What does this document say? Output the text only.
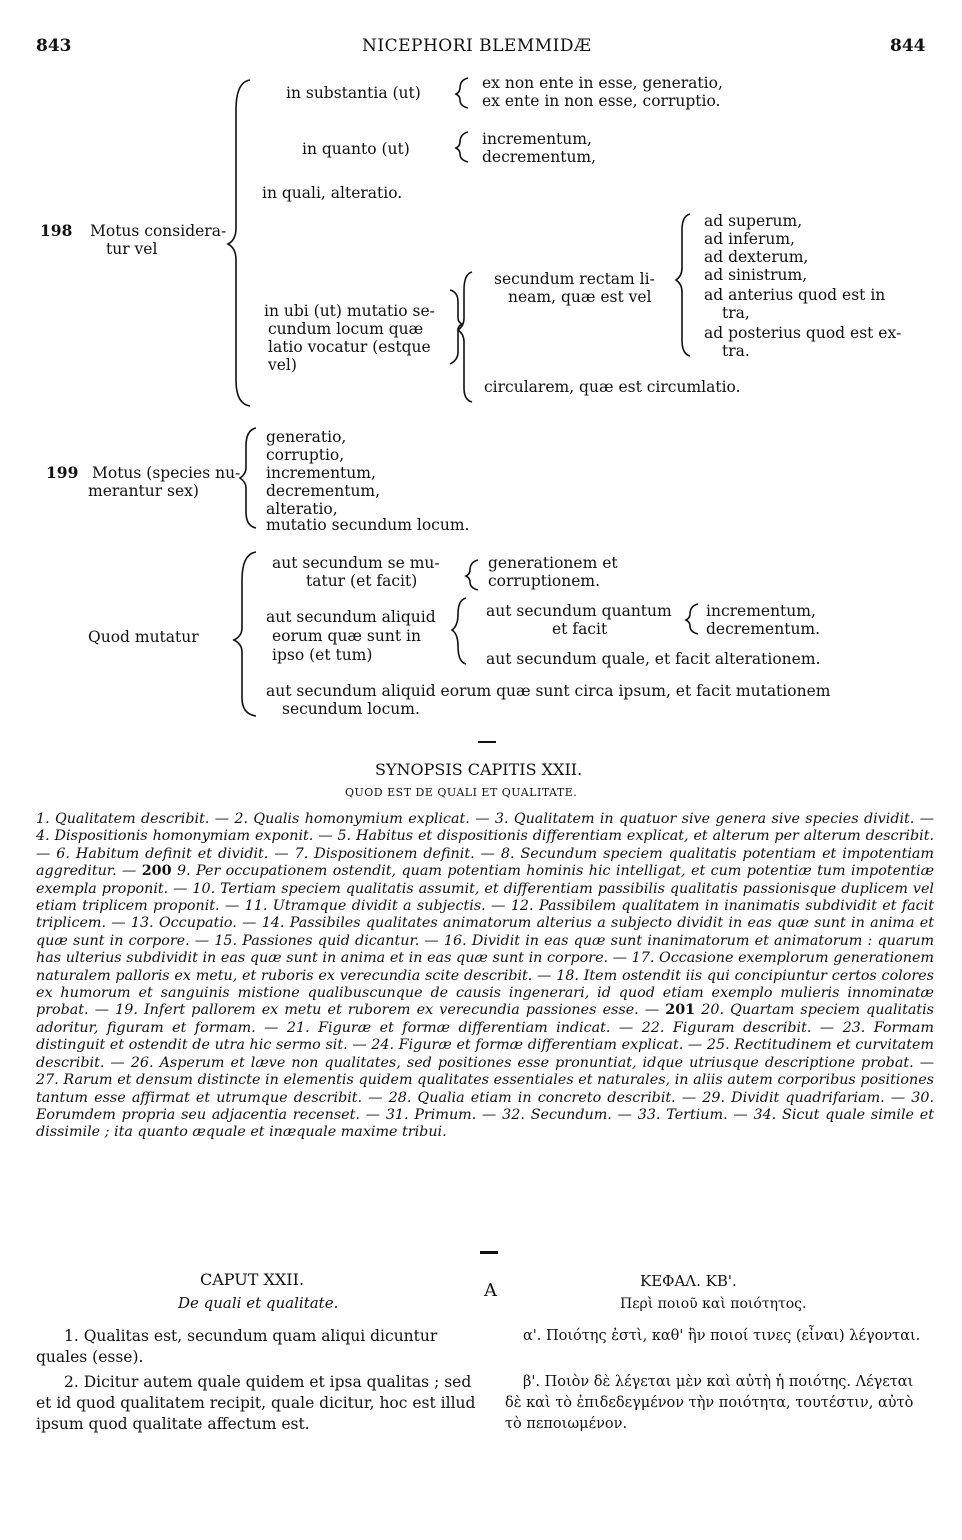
843	NICEPHORI BLEMMIDÆ	844
198 Motus considera-
tur vel
in substantia (ut)
ex non ente in esse, generatio,
ex ente in non esse, corruptio.
in quanto (ut)
incrementum,
decrementum,
in quali, alteratio.
in ubi (ut) mutatio se-
cundum locum quæ
latio vocatur (estque
vel)
secundum rectam li-
neam, quæ est vel
ad superum,
ad inferum,
ad dexterum,
ad sinistrum,
ad anterius quod est in
tra,
ad posterius quod est ex-
tra.
circularem, quæ est circumlatio.
199 Motus (species nu-
merantur sex)
generatio,
corruptio,
incrementum,
decrementum,
alteratio,
mutatio secundum locum.
Quod mutatur
aut secundum se mu-
tatur (et facit)
generationem et
corruptionem.
aut secundum aliquid
eorum quæ sunt in
ipso (et tum)
aut secundum quantum
et facit
incrementum,
decrementum.
aut secundum quale, et facit alterationem.
aut secundum aliquid eorum quæ sunt circa ipsum, et facit mutationem
secundum locum.
SYNOPSIS CAPITIS XXII.
QUOD EST DE QUALI ET QUALITATE.
1. Qualitatem describit. — 2. Qualis homonymium explicat. — 3. Qualitatem in quatuor sive genera sive species dividit. — 4. Dispositionis homonymiam exponit. — 5. Habitus et dispositionis differentiam explicat, et alterum per alterum describit. — 6. Habitum definit et dividit. — 7. Dispositionem definit. — 8. Secundum speciem qualitatis potentiam et impotentiam aggreditur. — 200 9. Per occupationem ostendit, quam potentiam hominis hic intelligat, et cum potentiæ tum impotentiæ exempla proponit. — 10. Tertiam speciem qualitatis assumit, et differentiam passibilis qualitatis passionisque duplicem vel etiam triplicem proponit. — 11. Utramque dividit a subjectis. — 12. Passibilem qualitatem in inanimatis subdividit et facit triplicem. — 13. Occupatio. — 14. Passibiles qualitates animatorum alterius a subjecto dividit in eas quæ sunt in anima et quæ sunt in corpore. — 15. Passiones quid dicantur. — 16. Dividit in eas quæ sunt inanimatorum et animatorum : quarum has ulterius subdividit in eas quæ sunt in anima et in eas quæ sunt in corpore. — 17. Occasione exemplorum generationem naturalem palloris ex metu, et ruboris ex verecundia scite describit. — 18. Item ostendit iis qui concipiuntur certos colores ex humorum et sanguinis mistione qualibuscunque de causis ingenerari, id quod etiam exemplo mulieris innominatæ probat. — 19. Infert pallorem ex metu et ruborem ex verecundia passiones esse. — 201 20. Quartam speciem qualitatis adoritur, figuram et formam. — 21. Figuræ et formæ differentiam indicat. — 22. Figuram describit. — 23. Formam distinguit et ostendit de utra hic sermo sit. — 24. Figuræ et formæ differentiam explicat. — 25. Rectitudinem et curvitatem describit. — 26. Asperum et læve non qualitates, sed positiones esse pronuntiat, idque utriusque descriptione probat. — 27. Rarum et densum distincte in elementis quidem qualitates essentiales et naturales, in aliis autem corporibus positiones tantum esse affirmat et utrumque describit. — 28. Qualia etiam in concreto describit. — 29. Dividit quadrifariam. — 30. Eorumdem propria seu adjacentia recenset. — 31. Primum. — 32. Secundum. — 33. Tertium. — 34. Sicut quale simile et dissimile ; ita quanto æquale et inæquale maxime tribui.
CAPUT XXII.
De quali et qualitate.
1. Qualitas est, secundum quam aliqui dicuntur quales (esse).
2. Dicitur autem quale quidem et ipsa qualitas ; sed et id quod qualitatem recipit, quale dicitur, hoc est illud ipsum quod qualitate affectum est.
A	ΚΕΦΑΛ. ΚΒ'.
Περὶ ποιοῦ καὶ ποιότητος.
α'. Ποιότης ἐστὶ, καθ' ἣν ποιοί τινες (εἶναι) λέγονται.
β'. Ποιὸν δὲ λέγεται μὲν καὶ αὐτὴ ἡ ποιότης. Λέγεται δὲ καὶ τὸ ἐπιδεδεγμένον τὴν ποιότητα, τουτέστιν, αὐτὸ τὸ πεποιωμένον.
